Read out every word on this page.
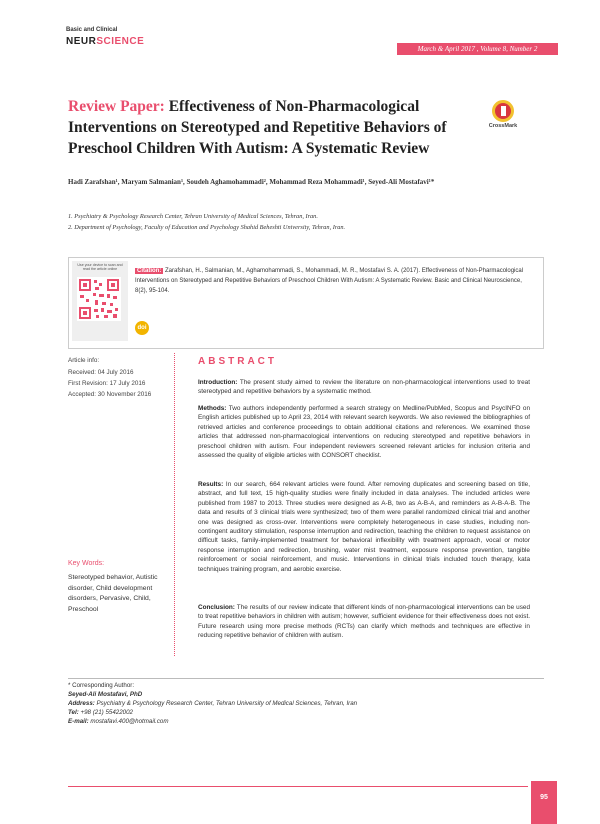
Basic and Clinical
NEURSCIENCE
March & April 2017 , Volume 8, Number 2
Review Paper: Effectiveness of Non-Pharmacological Interventions on Stereotyped and Repetitive Behaviors of Preschool Children With Autism: A Systematic Review
CrossMark
Hadi Zarafshan¹, Maryam Salmanian¹, Soudeh Aghamohammadi², Mohammad Reza Mohammadi¹, Seyed-Ali Mostafavi¹*
1. Psychiatry & Psychology Research Center, Tehran University of Medical Sciences, Tehran, Iran.
2. Department of Psychology, Faculty of Education and Psychology Shahid Beheshti University, Tehran, Iran.
Use your device to scan and read the article online	Citation: Zarafshan, H., Salmanian, M., Aghamohammadi, S., Mohammadi, M. R., Mostafavi S. A. (2017). Effectiveness of Non-Pharmacological Interventions on Stereotyped and Repetitive Behaviors of Preschool Children With Autism: A Systematic Review. Basic and Clinical Neuroscience, 8(2), 95-104.
doi
Article info:
Received: 04 July 2016
First Revision: 17 July 2016
Accepted: 30 November 2016
Key Words:
Stereotyped behavior, Autistic disorder, Child development disorders, Pervasive, Child, Preschool
ABSTRACT
Introduction: The present study aimed to review the literature on non-pharmacological interventions used to treat stereotyped and repetitive behaviors by a systematic method.
Methods: Two authors independently performed a search strategy on Medline/PubMed, Scopus and PsycINFO on English articles published up to April 23, 2014 with relevant search keywords. We also reviewed the bibliographies of retrieved articles and conference proceedings to obtain additional citations and references. We examined those articles that addressed non-pharmacological interventions on reducing stereotyped and repetitive behaviors in preschool children with autism. Four independent reviewers screened relevant articles for inclusion criteria and assessed the quality of eligible articles with CONSORT checklist.
Results: In our search, 664 relevant articles were found. After removing duplicates and screening based on title, abstract, and full text, 15 high-quality studies were finally included in data analyses. The included articles were published from 1987 to 2013. Three studies were designed as A-B, two as A-B-A, and reminders as A-B-A-B. The data and results of 3 clinical trials were synthesized; two of them were parallel randomized clinical trial and another one was designed as cross-over. Interventions were completely heterogeneous in case studies, including non-contingent auditory stimulation, response interruption and redirection, teaching the children to request assistance on difficult tasks, family-implemented treatment for behavioral inflexibility with treatment approach, vocal or motor response interruption and redirection, brushing, water mist treatment, exposure response prevention, tangible reinforcement or social reinforcement, and music. Interventions in clinical trials included touch therapy, kata techniques training program, and aerobic exercise.
Conclusion: The results of our review indicate that different kinds of non-pharmacological interventions can be used to treat repetitive behaviors in children with autism; however, sufficient evidence for their effectiveness does not exist. Future research using more precise methods (RCTs) can clarify which methods and techniques are effective in reducing repetitive behavior of children with autism.
* Corresponding Author:
Seyed-Ali Mostafavi, PhD
Address: Psychiatry & Psychology Research Center, Tehran University of Medical Sciences, Tehran, Iran
Tel: +98 (21) 55422002
E-mail: mostafavi.400@hotmail.com
95
